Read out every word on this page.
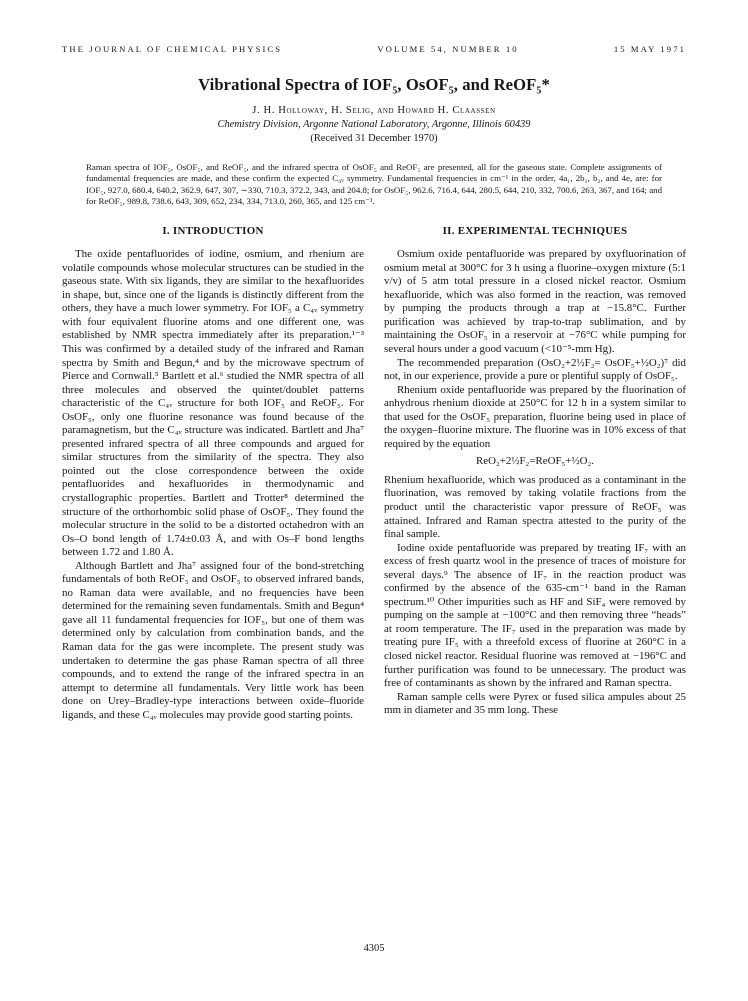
THE JOURNAL OF CHEMICAL PHYSICS	VOLUME 54, NUMBER 10	15 MAY 1971
Vibrational Spectra of IOF₅, OsOF₅, and ReOF₅*
J. H. Holloway, H. Selig, and Howard H. Claassen
Chemistry Division, Argonne National Laboratory, Argonne, Illinois 60439
(Received 31 December 1970)
Raman spectra of IOF₅, OsOF₅, and ReOF₅, and the infrared spectra of OsOF₅ and ReOF₅ are presented, all for the gaseous state. Complete assignments of fundamental frequencies are made, and these confirm the expected C₄ᵥ symmetry. Fundamental frequencies in cm⁻¹ in the order, 4a₁, 2b₁, b₂, and 4e, are: for IOF₅, 927.0, 680.4, 640.2, 362.9, 647, 307, ∼330, 710.3, 372.2, 343, and 204.8; for OsOF₅, 962.6, 716.4, 644, 280.5, 644, 210, 332, 700.6, 263, 367, and 164; and for ReOF₅, 989.8, 738.6, 643, 309, 652, 234, 334, 713.0, 260, 365, and 125 cm⁻¹.
I. INTRODUCTION

The oxide pentafluorides of iodine, osmium, and rhenium are volatile compounds whose molecular structures can be studied in the gaseous state. With six ligands, they are similar to the hexafluorides in shape, but, since one of the ligands is distinctly different from the others, they have a much lower symmetry. For IOF₅ a C₄ᵥ symmetry with four equivalent fluorine atoms and one different one, was established by NMR spectra immediately after its preparation.¹⁻³ This was confirmed by a detailed study of the infrared and Raman spectra by Smith and Begun,⁴ and by the microwave spectrum of Pierce and Cornwall.⁵ Bartlett et al.⁶ studied the NMR spectra of all three molecules and observed the quintet/doublet patterns characteristic of the C₄ᵥ structure for both IOF₅ and ReOF₅. For OsOF₅, only one fluorine resonance was found because of the paramagnetism, but the C₄ᵥ structure was indicated. Bartlett and Jha⁷ presented infrared spectra of all three compounds and argued for similar structures from the similarity of the spectra. They also pointed out the close correspondence between the oxide pentafluorides and hexafluorides in thermodynamic and crystallographic properties. Bartlett and Trotter⁸ determined the structure of the orthorhombic solid phase of OsOF₅. They found the molecular structure in the solid to be a distorted octahedron with an Os–O bond length of 1.74±0.03 Å, and with Os–F bond lengths between 1.72 and 1.80 Å.

Although Bartlett and Jha⁷ assigned four of the bond-stretching fundamentals of both ReOF₅ and OsOF₅ to observed infrared bands, no Raman data were available, and no frequencies have been determined for the remaining seven fundamentals. Smith and Begun⁴ gave all 11 fundamental frequencies for IOF₅, but one of them was determined only by calculation from combination bands, and the Raman data for the gas were incomplete. The present study was undertaken to determine the gas phase Raman spectra of all three compounds, and to extend the range of the infrared spectra in an attempt to determine all fundamentals. Very little work has been done on Urey–Bradley-type interactions between oxide–fluoride ligands, and these C₄ᵥ molecules may provide good starting points.

II. EXPERIMENTAL TECHNIQUES

Osmium oxide pentafluoride was prepared by oxyfluorination of osmium metal at 300°C for 3 h using a fluorine–oxygen mixture (5:1 v/v) of 5 atm total pressure in a closed nickel reactor. Osmium hexafluoride, which was also formed in the reaction, was removed by pumping the products through a trap at −15.8°C. Further purification was achieved by trap-to-trap sublimation, and by maintaining the OsOF₅ in a reservoir at −76°C while pumping for several hours under a good vacuum (<10⁻⁵-mm Hg).

The recommended preparation (OsO₂+2½F₂= OsOF₅+½O₂)⁷ did not, in our experience, provide a pure or plentiful supply of OsOF₅.

Rhenium oxide pentafluoride was prepared by the fluorination of anhydrous rhenium dioxide at 250°C for 12 h in a system similar to that used for the OsOF₅ preparation, fluorine being used in place of the oxygen–fluorine mixture. The fluorine was in 10% excess of that required by the equation

ReO₂+2½F₂=ReOF₅+½O₂.

Rhenium hexafluoride, which was produced as a contaminant in the fluorination, was removed by taking volatile fractions from the product until the characteristic vapor pressure of ReOF₅ was attained. Infrared and Raman spectra attested to the purity of the final sample.

Iodine oxide pentafluoride was prepared by treating IF₇ with an excess of fresh quartz wool in the presence of traces of moisture for several days.⁹ The absence of IF₇ in the reaction product was confirmed by the absence of the 635-cm⁻¹ band in the Raman spectrum.¹⁰ Other impurities such as HF and SiF₄ were removed by pumping on the sample at −100°C and then removing three “heads” at room temperature. The IF₇ used in the preparation was made by treating pure IF₅ with a threefold excess of fluorine at 260°C in a closed nickel reactor. Residual fluorine was removed at −196°C and further purification was found to be unnecessary. The product was free of contaminants as shown by the infrared and Raman spectra.

Raman sample cells were Pyrex or fused silica ampules about 25 mm in diameter and 35 mm long. These

4305
